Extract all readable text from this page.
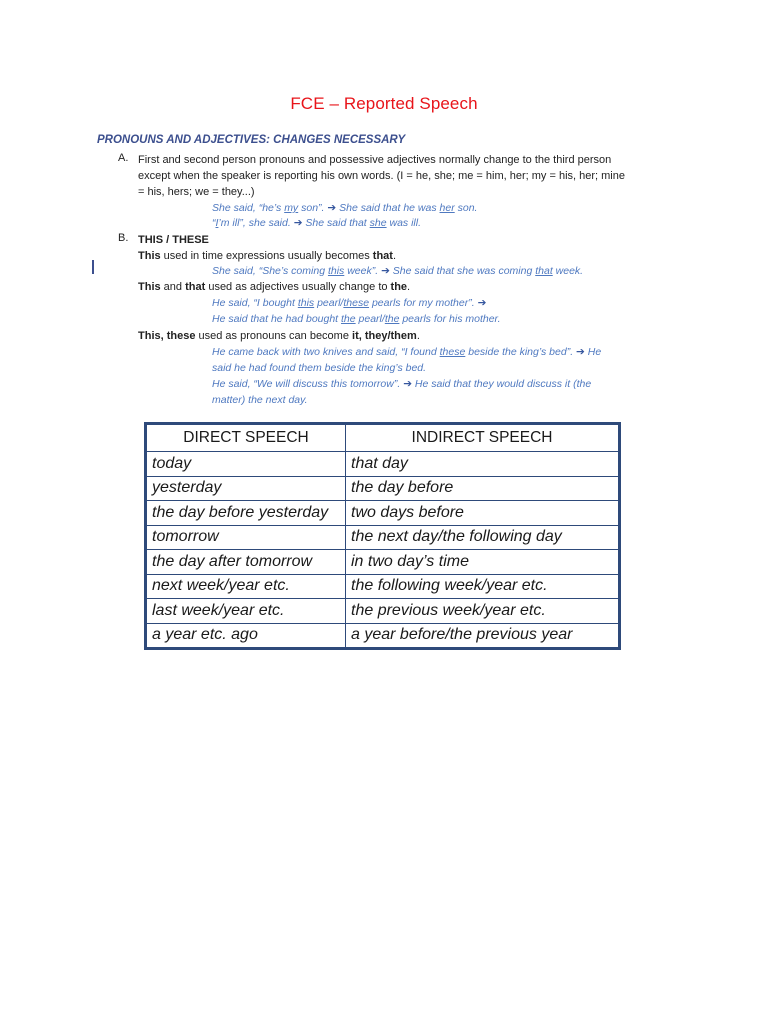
FCE – Reported Speech
PRONOUNS AND ADJECTIVES: CHANGES NECESSARY
A. First and second person pronouns and possessive adjectives normally change to the third person
except when the speaker is reporting his own words. (I = he, she; me = him, her; my = his, her; mine
= his, hers; we = they...)
She said, “he’s my son”. ➔ She said that he was her son.
“I’m ill”, she said. ➔ She said that she was ill.
B. THIS / THESE
This used in time expressions usually becomes that.
She said, “She’s coming this week”. ➔ She said that she was coming that week.
This and that used as adjectives usually change to the.
He said, “I bought this pearl/these pearls for my mother”. ➔
He said that he had bought the pearl/the pearls for his mother.
This, these used as pronouns can become it, they/them.
He came back with two knives and said, “I found these beside the king’s bed”. ➔ He
said he had found them beside the king’s bed.
He said, “We will discuss this tomorrow”. ➔ He said that they would discuss it (the
matter) the next day.
DIRECT SPEECH	INDIRECT SPEECH
today	that day
yesterday	the day before
the day before yesterday	two days before
tomorrow	the next day/the following day
the day after tomorrow	in two day’s time
next week/year etc.	the following week/year etc.
last week/year etc.	the previous week/year etc.
a year etc. ago	a year before/the previous year
